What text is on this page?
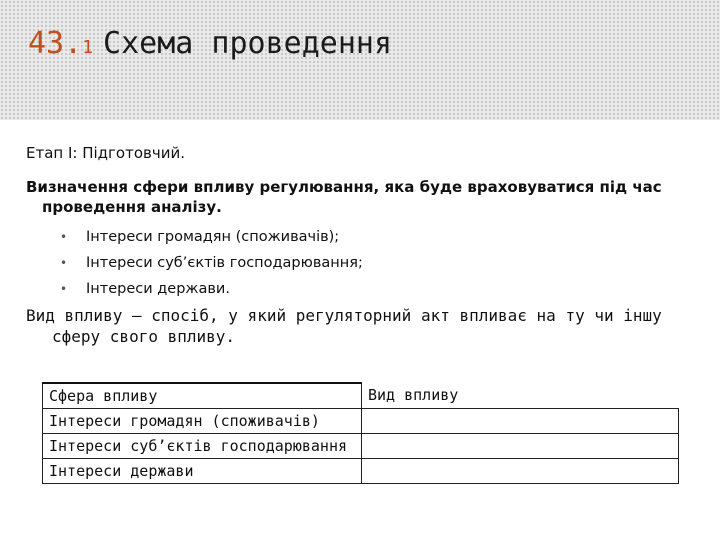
43.1 Схема проведення
Етап І: Підготовчий.
Визначення сфери впливу регулювання, яка буде враховуватися під час проведення аналізу.
• Інтереси громадян (споживачів);
• Інтереси суб’єктів господарювання;
• Інтереси держави.
Вид впливу – спосіб, у який регуляторний акт впливає на ту чи іншу сферу свого впливу.
Сфера впливу	Вид впливу
Інтереси громадян (споживачів)	
Інтереси суб’єктів господарювання	
Інтереси держави	
